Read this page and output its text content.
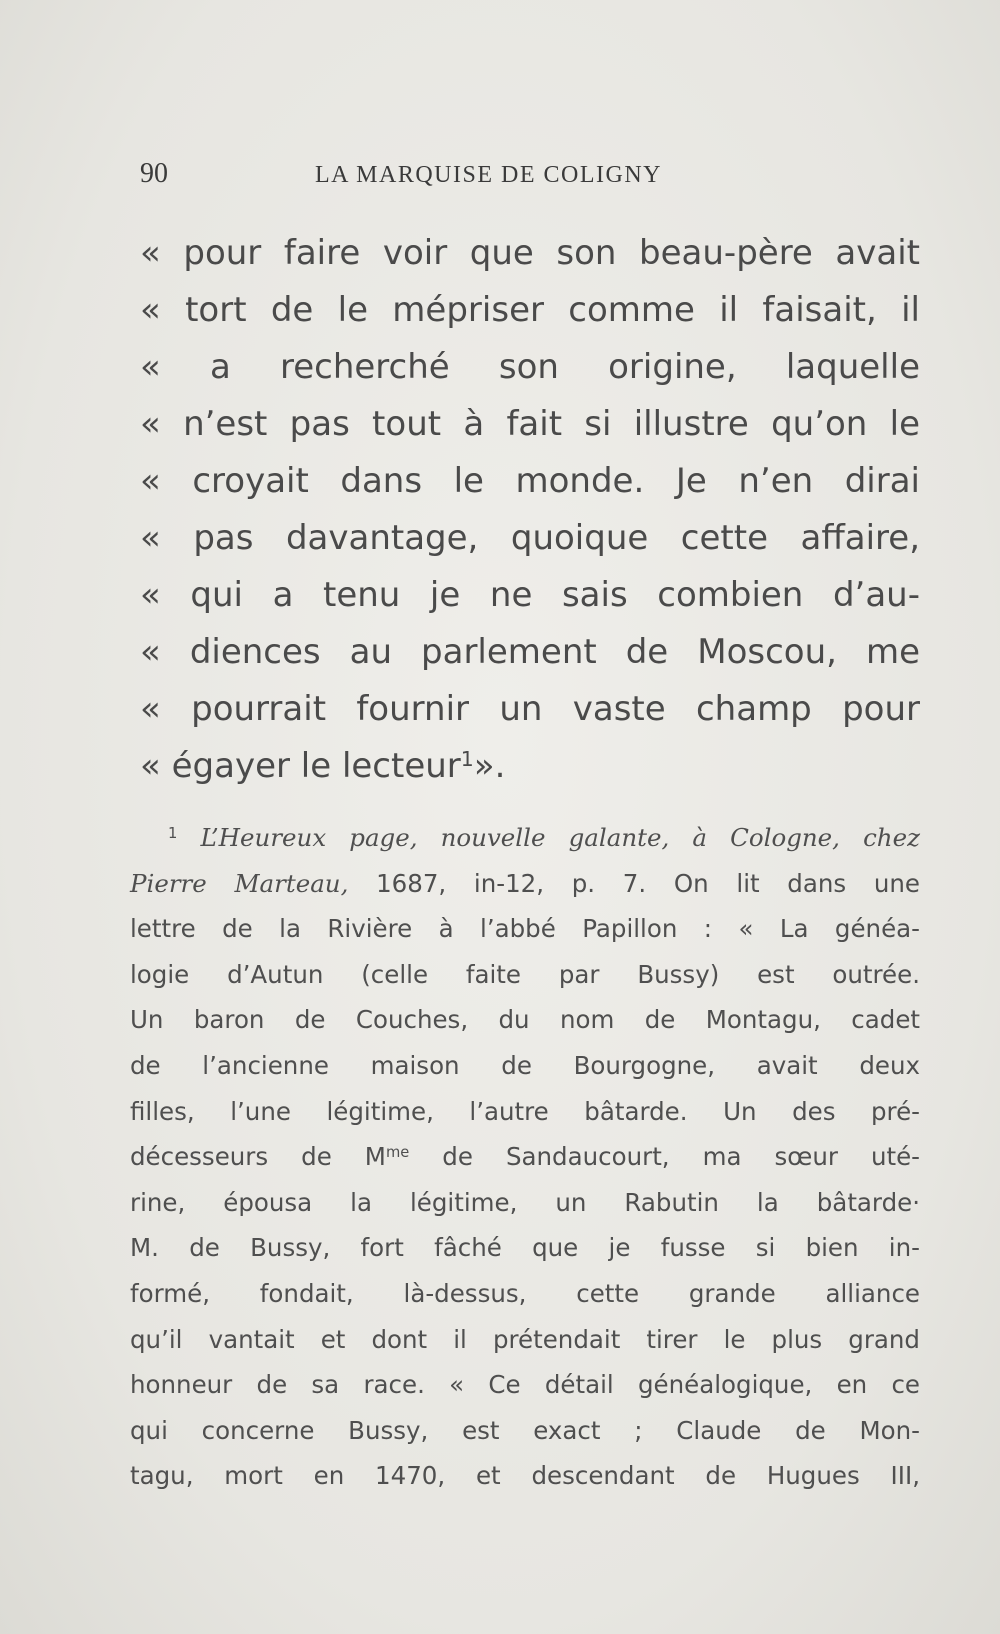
90	LA MARQUISE DE COLIGNY
« pour faire voir que son beau-père avait
« tort de le mépriser comme il faisait, il
« a recherché son origine, laquelle
« n’est pas tout à fait si illustre qu’on le
« croyait dans le monde. Je n’en dirai
« pas davantage, quoique cette affaire,
« qui a tenu je ne sais combien d’au-
« diences au parlement de Moscou, me
« pourrait fournir un vaste champ pour
« égayer le lecteur$^1$».
$^1$ L’Heureux page, nouvelle galante, à Cologne, chez
Pierre Marteau, 1687, in-12, p. 7. On lit dans une
lettre de la Rivière à l’abbé Papillon : « La généa-
logie d’Autun (celle faite par Bussy) est outrée.
Un baron de Couches, du nom de Montagu, cadet
de l’ancienne maison de Bourgogne, avait deux
filles, l’une légitime, l’autre bâtarde. Un des pré-
décesseurs de $M^{me}$ de Sandaucourt, ma sœur uté-
rine, épousa la légitime, un Rabutin la bâtarde·
M. de Bussy, fort fâché que je fusse si bien in-
formé, fondait, là-dessus, cette grande alliance
qu’il vantait et dont il prétendait tirer le plus grand
honneur de sa race. « Ce détail généalogique, en ce
qui concerne Bussy, est exact ; Claude de Mon-
tagu, mort en 1470, et descendant de Hugues III,
